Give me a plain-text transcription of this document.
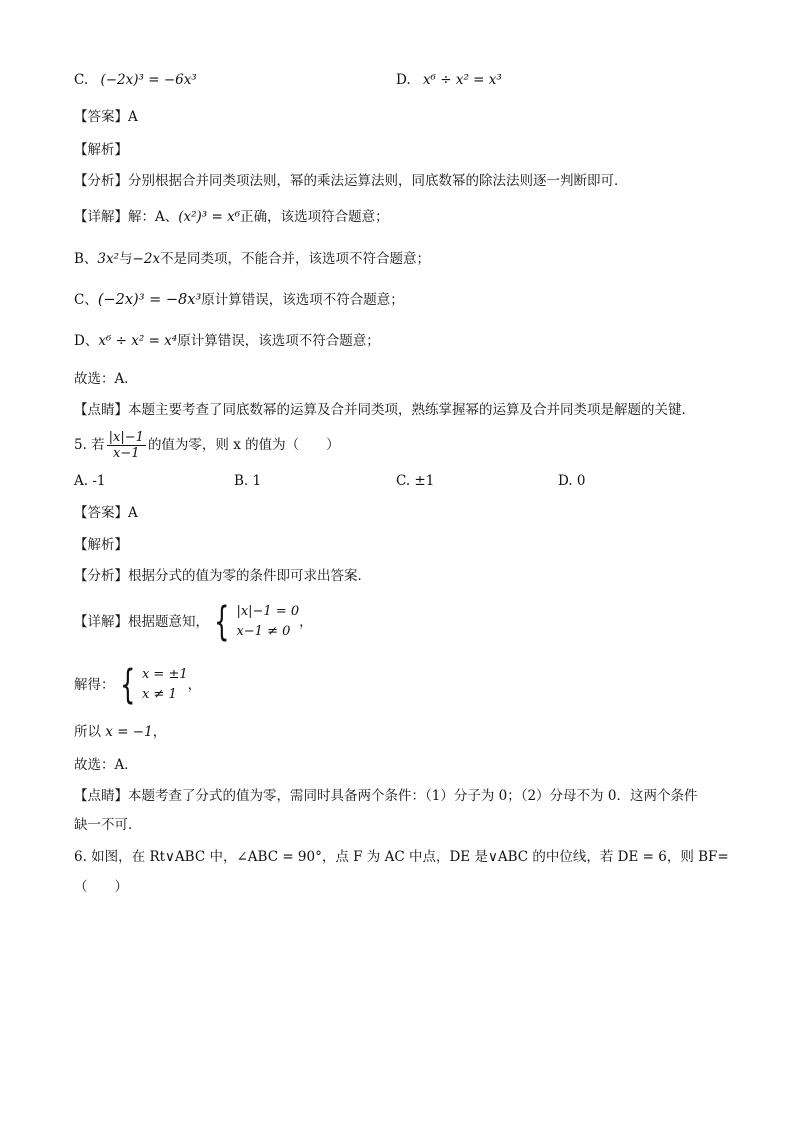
C. (−2x)³ = −6x³	D. x⁶ ÷ x² = x³
【答案】A
【解析】
【分析】分别根据合并同类项法则，幂的乘法运算法则，同底数幂的除法法则逐一判断即可．
【详解】解：A、(x²)³ = x⁶正确，该选项符合题意；
B、3x²与−2x不是同类项，不能合并，该选项不符合题意；
C、(−2x)³ = −8x³原计算错误，该选项不符合题意；
D、x⁶ ÷ x² = x⁴原计算错误，该选项不符合题意；
故选：A．
【点睛】本题主要考查了同底数幂的运算及合并同类项，熟练掌握幂的运算及合并同类项是解题的关键．
5. 若 $\frac{|x|-1}{x-1}$ 的值为零，则 x 的值为（　　）
A. -1	B. 1	C. ±1	D. 0
【答案】A
【解析】
【分析】根据分式的值为零的条件即可求出答案．
【详解】 根据题意知， { |x|−1 = 0
x−1 ≠ 0
，
解得： { x = ±1
x ≠ 1
，
所以 x = −1，
故选：A．
【点睛】本题考查了分式的值为零，需同时具备两个条件：（1）分子为 0；（2）分母不为 0．这两个条件
缺一不可．
6. 如图，在 Rt∨ABC 中，∠ABC = 90°，点 F 为 AC 中点，DE 是∨ABC 的中位线，若 DE = 6，则 BF=
（　　）
